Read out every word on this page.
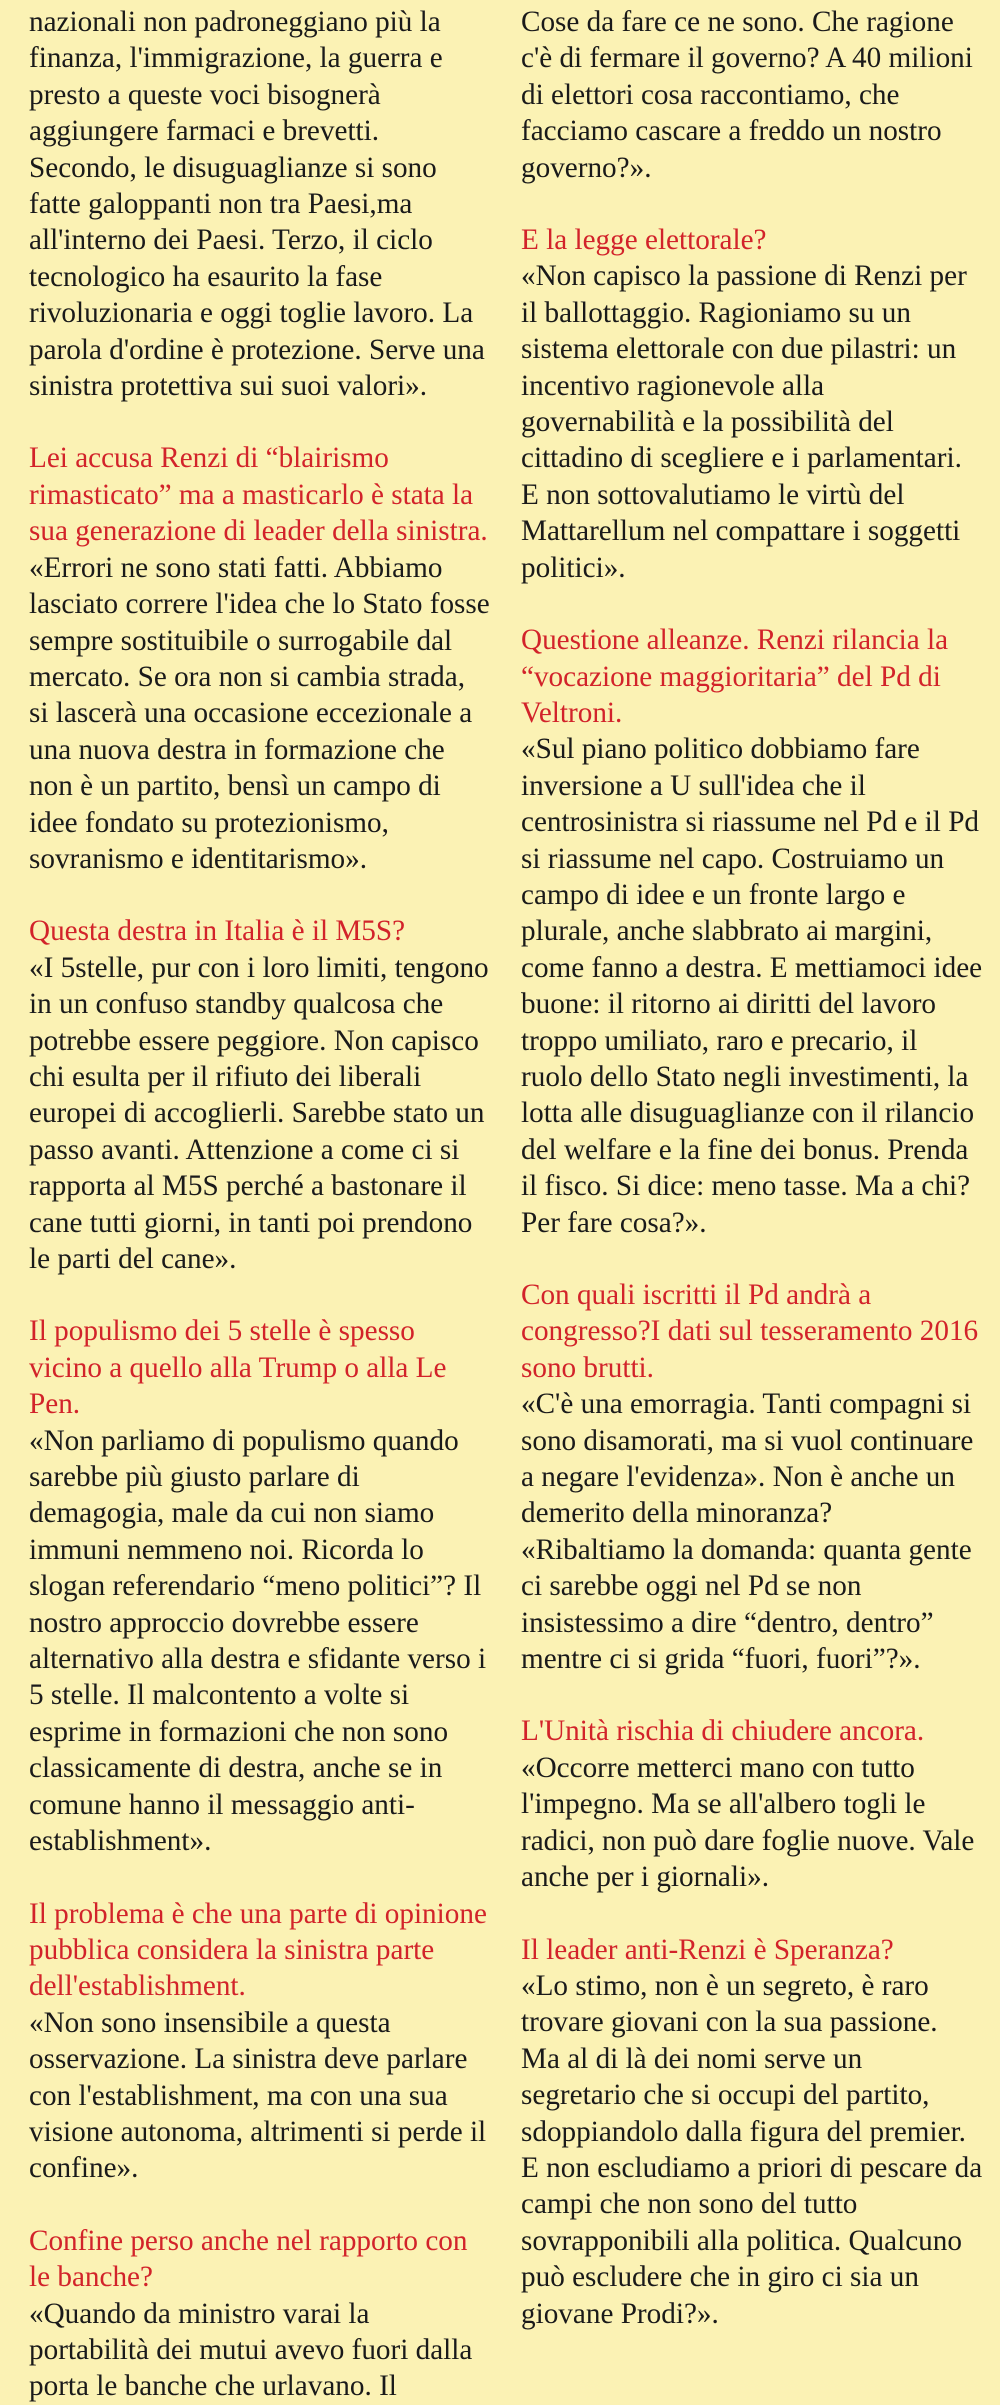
nazionali non padroneggiano più la finanza, l'immigrazione, la guerra e presto a queste voci bisognerà aggiungere farmaci e brevetti. Secondo, le disuguaglianze si sono fatte galoppanti non tra Paesi,ma all'interno dei Paesi. Terzo, il ciclo tecnologico ha esaurito la fase rivoluzionaria e oggi toglie lavoro. La parola d'ordine è protezione. Serve una sinistra protettiva sui suoi valori».

Lei accusa Renzi di “blairismo rimasticato” ma a masticarlo è stata la sua generazione di leader della sinistra.

«Errori ne sono stati fatti. Abbiamo lasciato correre l'idea che lo Stato fosse sempre sostituibile o surrogabile dal mercato. Se ora non si cambia strada, si lascerà una occasione eccezionale a una nuova destra in formazione che non è un partito, bensì un campo di idee fondato su protezionismo, sovranismo e identitarismo».

Questa destra in Italia è il M5S?

«I 5stelle, pur con i loro limiti, tengono in un confuso standby qualcosa che potrebbe essere peggiore. Non capisco chi esulta per il rifiuto dei liberali europei di accoglierli. Sarebbe stato un passo avanti. Attenzione a come ci si rapporta al M5S perché a bastonare il cane tutti giorni, in tanti poi prendono le parti del cane».

Il populismo dei 5 stelle è spesso vicino a quello alla Trump o alla Le Pen.

«Non parliamo di populismo quando sarebbe più giusto parlare di demagogia, male da cui non siamo immuni nemmeno noi. Ricorda lo slogan referendario “meno politici”? Il nostro approccio dovrebbe essere alternativo alla destra e sfidante verso i 5 stelle. Il malcontento a volte si esprime in formazioni che non sono classicamente di destra, anche se in comune hanno il messaggio anti-establishment».

Il problema è che una parte di opinione pubblica considera la sinistra parte dell'establishment.

«Non sono insensibile a questa osservazione. La sinistra deve parlare con l'establishment, ma con una sua visione autonoma, altrimenti si perde il confine».

Confine perso anche nel rapporto con le banche?

«Quando da ministro varai la portabilità dei mutui avevo fuori dalla porta le banche che urlavano. Il

Cose da fare ce ne sono. Che ragione c'è di fermare il governo? A 40 milioni di elettori cosa raccontiamo, che facciamo cascare a freddo un nostro governo?».

E la legge elettorale?

«Non capisco la passione di Renzi per il ballottaggio. Ragioniamo su un sistema elettorale con due pilastri: un incentivo ragionevole alla governabilità e la possibilità del cittadino di scegliere e i parlamentari. E non sottovalutiamo le virtù del Mattarellum nel compattare i soggetti politici».

Questione alleanze. Renzi rilancia la “vocazione maggioritaria” del Pd di Veltroni.

«Sul piano politico dobbiamo fare inversione a U sull'idea che il centrosinistra si riassume nel Pd e il Pd si riassume nel capo. Costruiamo un campo di idee e un fronte largo e plurale, anche slabbrato ai margini, come fanno a destra. E mettiamoci idee buone: il ritorno ai diritti del lavoro troppo umiliato, raro e precario, il ruolo dello Stato negli investimenti, la lotta alle disuguaglianze con il rilancio del welfare e la fine dei bonus. Prenda il fisco. Si dice: meno tasse. Ma a chi? Per fare cosa?».

Con quali iscritti il Pd andrà a congresso?I dati sul tesseramento 2016 sono brutti.

«C'è una emorragia. Tanti compagni si sono disamorati, ma si vuol continuare a negare l'evidenza». Non è anche un demerito della minoranza? «Ribaltiamo la domanda: quanta gente ci sarebbe oggi nel Pd se non insistessimo a dire “dentro, dentro” mentre ci si grida “fuori, fuori”?».

L'Unità rischia di chiudere ancora.

«Occorre metterci mano con tutto l'impegno. Ma se all'albero togli le radici, non può dare foglie nuove. Vale anche per i giornali».

Il leader anti-Renzi è Speranza?

«Lo stimo, non è un segreto, è raro trovare giovani con la sua passione. Ma al di là dei nomi serve un segretario che si occupi del partito, sdoppiandolo dalla figura del premier. E non escludiamo a priori di pescare da campi che non sono del tutto sovrapponibili alla politica. Qualcuno può escludere che in giro ci sia un giovane Prodi?».
